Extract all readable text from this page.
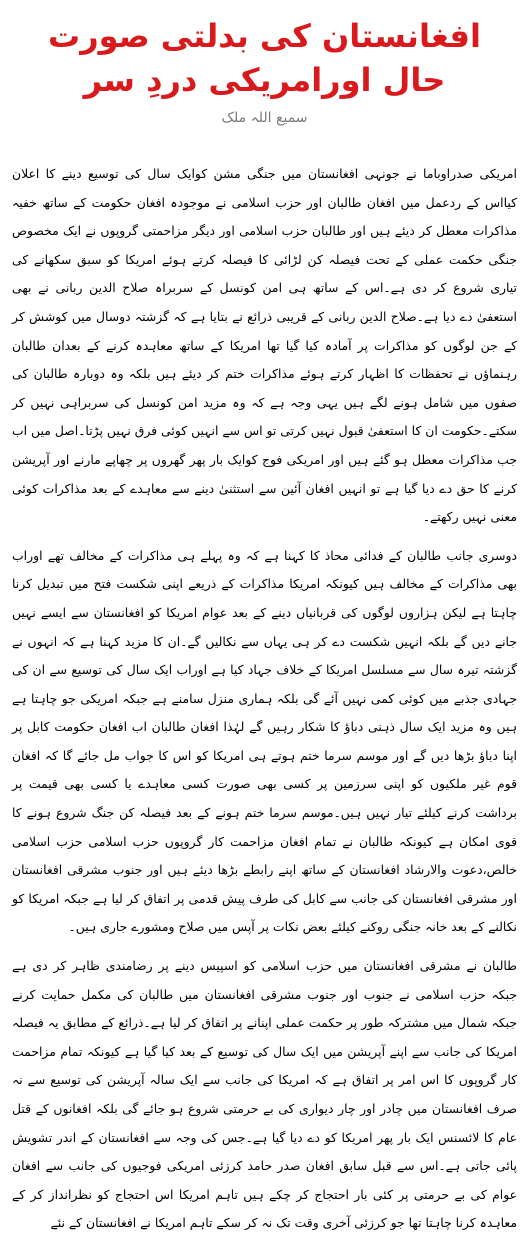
افغانستان کی بدلتی صورت حال اورامریکی دردِ سر
سمیع اللہ ملک

امریکی صدراوباما نے جونہی افغانستان میں جنگی مشن کوایک سال کی توسیع دینے کا اعلان کیااس کے ردعمل میں افغان طالبان اور حزب اسلامی نے موجودہ افغان حکومت کے ساتھ خفیہ مذاکرات معطل کر دیئے ہیں اور طالبان حزب اسلامی اور دیگر مزاحمتی گروپوں نے ایک مخصوص جنگی حکمت عملی کے تحت فیصلہ کن لڑائی کا فیصلہ کرتے ہوئے امریکا کو سبق سکھانے کی تیاری شروع کر دی ہے۔اس کے ساتھ ہی امن کونسل کے سربراہ صلاح الدین ربانی نے بھی استعفیٰ دے دیا ہے۔صلاح الدین ربانی کے قریبی ذرائع نے بتایا ہے کہ گزشتہ دوسال میں کوشش کر کے جن لوگوں کو مذاکرات پر آمادہ کیا گیا تھا امریکا کے ساتھ معاہدہ کرنے کے بعدان طالبان رہنماؤں نے تحفظات کا اظہار کرتے ہوئے مذاکرات ختم کر دیئے ہیں بلکہ وہ دوبارہ طالبان کی صفوں میں شامل ہونے لگے ہیں یہی وجہ ہے کہ وہ مزید امن کونسل کی سربراہی نہیں کر سکتے۔حکومت ان کا استعفیٰ قبول نہیں کرتی تو اس سے انہیں کوئی فرق نہیں پڑتا۔اصل میں اب جب مذاکرات معطل ہو گئے ہیں اور امریکی فوج کوایک بار پھر گھروں پر چھاپے مارنے اور آپریشن کرنے کا حق دے دیا گیا ہے تو انہیں افغان آئین سے استثنیٰ دینے سے معاہدے کے بعد مذاکرات کوئی معنی نہیں رکھتے۔

دوسری جانب طالبان کے فدائی محاذ کا کہنا ہے کہ وہ پہلے ہی مذاکرات کے مخالف تھے اوراب بھی مذاکرات کے مخالف ہیں کیونکہ امریکا مذاکرات کے ذریعے اپنی شکست فتح میں تبدیل کرنا چاہتا ہے لیکن ہزاروں لوگوں کی قربانیاں دینے کے بعد عوام امریکا کو افغانستان سے ایسے نہیں جانے دیں گے بلکہ انہیں شکست دے کر ہی یہاں سے نکالیں گے۔ان کا مزید کہنا ہے کہ انہوں نے گزشتہ تیرہ سال سے مسلسل امریکا کے خلاف جہاد کیا ہے اوراب ایک سال کی توسیع سے ان کی جہادی جذبے میں کوئی کمی نہیں آئے گی بلکہ ہماری منزل سامنے ہے جبکہ امریکی جو چاہتا ہے ہیں وہ مزید ایک سال ذہنی دباؤ کا شکار رہیں گے لہٰذا افغان طالبان اب افغان حکومت کابل پر اپنا دباؤ بڑھا دیں گے اور موسم سرما ختم ہوتے ہی امریکا کو اس کا جواب مل جائے گا کہ افغان قوم غیر ملکیوں کو اپنی سرزمین پر کسی بھی صورت کسی معاہدے یا کسی بھی قیمت پر برداشت کرنے کیلئے تیار نہیں ہیں۔موسم سرما ختم ہونے کے بعد فیصلہ کن جنگ شروع ہونے کا قوی امکان ہے کیونکہ طالبان نے تمام افغان مزاحمت کار گروپوں حزب اسلامی حزب اسلامی خالص،دعوت والارشاد افغانستان کے ساتھ اپنے رابطے بڑھا دیئے ہیں اور جنوب مشرقی افغانستان اور مشرقی افغانستان کی جانب سے کابل کی طرف پیش قدمی پر اتفاق کر لیا ہے جبکہ امریکا کو نکالنے کے بعد خانہ جنگی روکنے کیلئے بعض نکات پر آپس میں صلاح ومشورے جاری ہیں۔

طالبان نے مشرقی افغانستان میں حزب اسلامی کو اسپیس دینے پر رضامندی ظاہر کر دی ہے جبکہ حزب اسلامی نے جنوب اور جنوب مشرقی افغانستان میں طالبان کی مکمل حمایت کرنے جبکہ شمال میں مشترکہ طور پر حکمت عملی اپنانے پر اتفاق کر لیا ہے۔ذرائع کے مطابق یہ فیصلہ امریکا کی جانب سے اپنے آپریشن میں ایک سال کی توسیع کے بعد کیا گیا ہے کیونکہ تمام مزاحمت کار گروپوں کا اس امر پر اتفاق ہے کہ امریکا کی جانب سے ایک سالہ آپریشن کی توسیع سے نہ صرف افغانستان میں چادر اور چار دیواری کی بے حرمتی شروع ہو جائے گی بلکہ افغانوں کے قتل عام کا لائسنس ایک بار پھر امریکا کو دے دیا گیا ہے۔جس کی وجہ سے افغانستان کے اندر تشویش پائی جاتی ہے۔اس سے قبل سابق افغان صدر حامد کرزئی امریکی فوجیوں کی جانب سے افغان عوام کی بے حرمتی پر کئی بار احتجاج کر چکے ہیں تاہم امریکا اس احتجاج کو نظرانداز کر کے معاہدہ کرنا چاہتا تھا جو کرزئی آخری وقت تک نہ کر سکے تاہم امریکا نے افغانستان کے نئے
